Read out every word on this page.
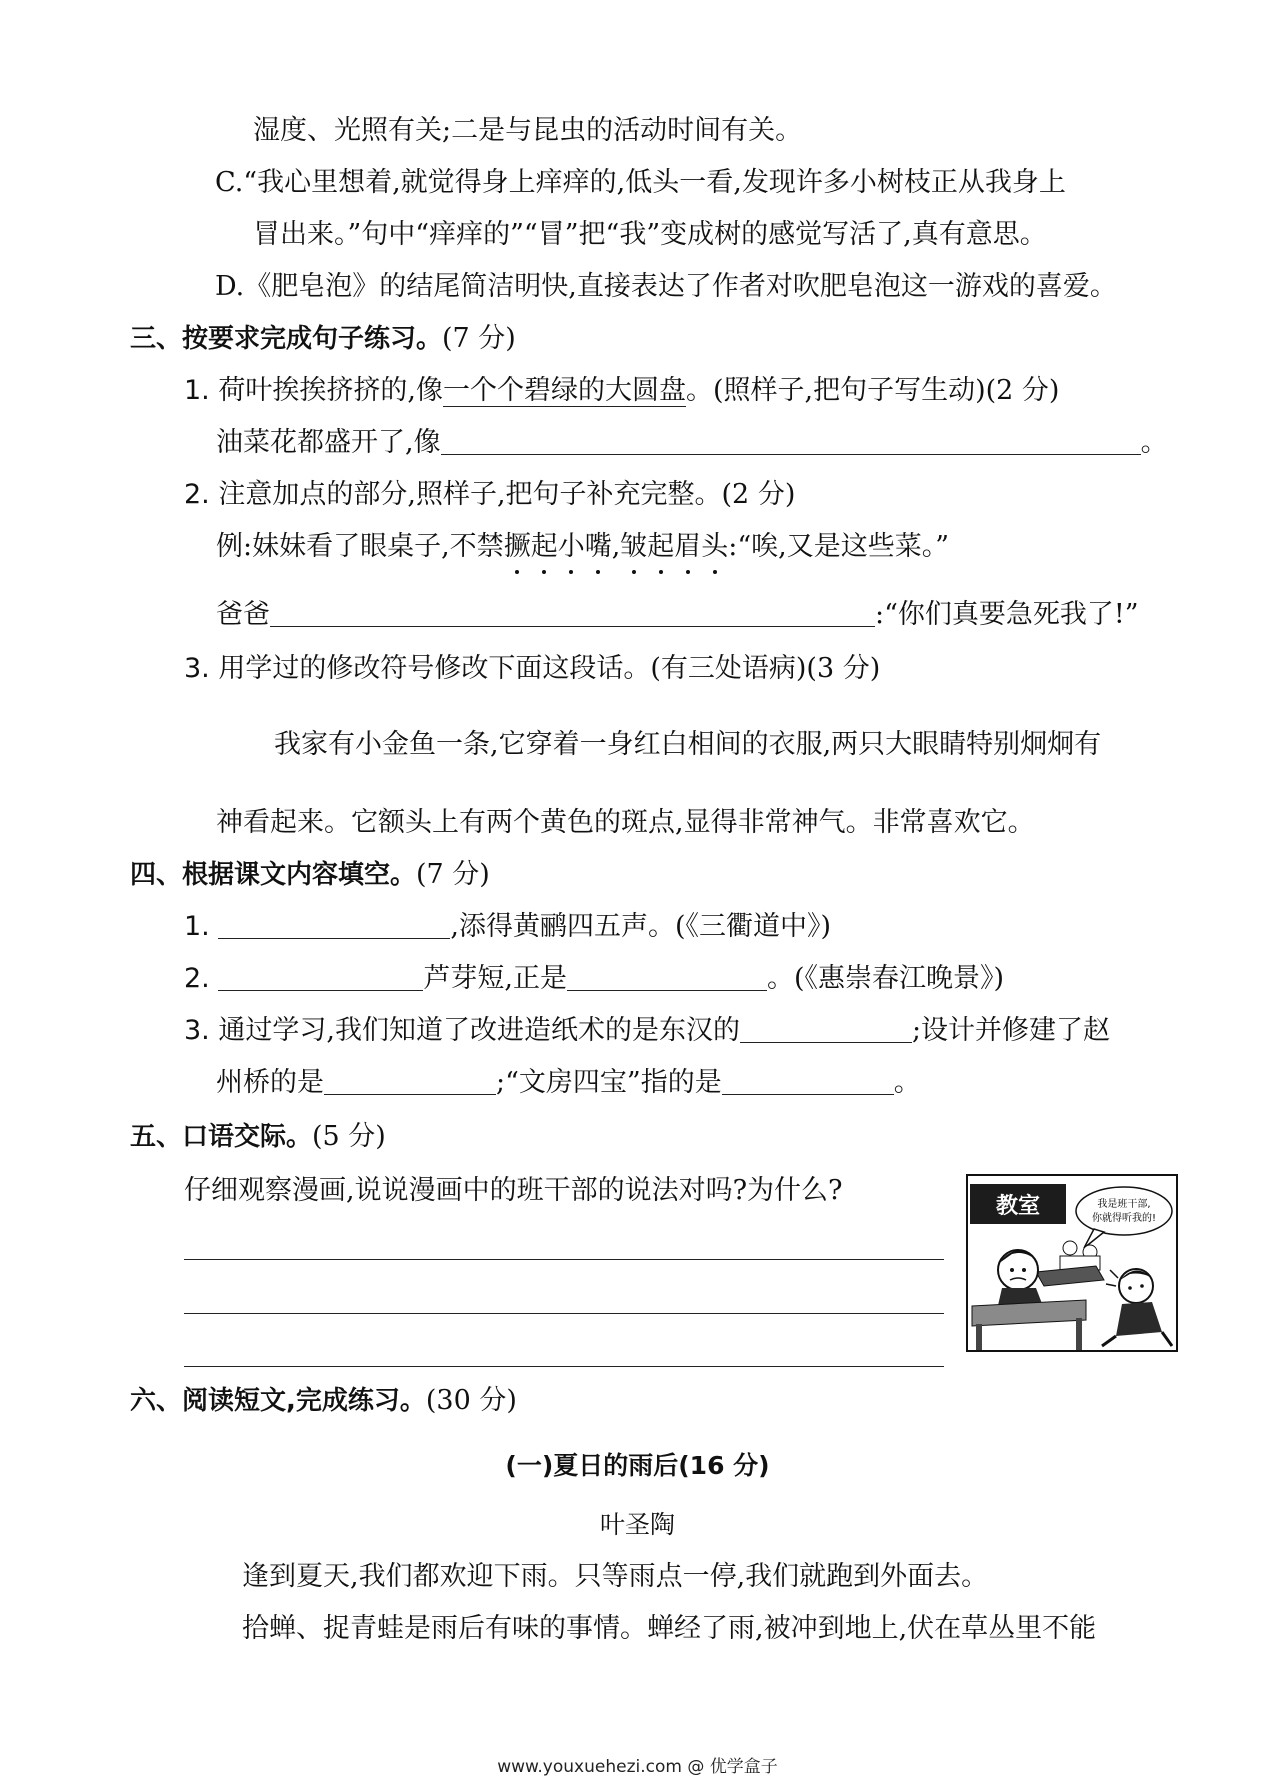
湿度、光照有关;二是与昆虫的活动时间有关。
C.“我心里想着,就觉得身上痒痒的,低头一看,发现许多小树枝正从我身上
冒出来。”句中“痒痒的”“冒”把“我”变成树的感觉写活了,真有意思。
D.《肥皂泡》的结尾简洁明快,直接表达了作者对吹肥皂泡这一游戏的喜爱。
三、按要求完成句子练习。(7 分)
1. 荷叶挨挨挤挤的,像一个个碧绿的大圆盘。(照样子,把句子写生动)(2 分)
油菜花都盛开了,像	。
2. 注意加点的部分,照样子,把句子补充完整。(2 分)
例:妹妹看了眼桌子,不禁撅起小嘴,皱起眉头:“唉,又是这些菜。”
爸爸	:“你们真要急死我了!”
3. 用学过的修改符号修改下面这段话。(有三处语病)(3 分)
我家有小金鱼一条,它穿着一身红白相间的衣服,两只大眼睛特别炯炯有
神看起来。它额头上有两个黄色的斑点,显得非常神气。非常喜欢它。
四、根据课文内容填空。(7 分)
1.	,添得黄鹂四五声。(《三衢道中》)
2.	芦芽短,正是	。(《惠崇春江晚景》)
3. 通过学习,我们知道了改进造纸术的是东汉的	;设计并修建了赵
州桥的是	;“文房四宝”指的是	。
五、口语交际。(5 分)
仔细观察漫画,说说漫画中的班干部的说法对吗?为什么?
教室	我是班干部,
你就得听我的!
六、阅读短文,完成练习。(30 分)
(一)夏日的雨后(16 分)
叶圣陶
逢到夏天,我们都欢迎下雨。只等雨点一停,我们就跑到外面去。
拾蝉、捉青蛙是雨后有味的事情。蝉经了雨,被冲到地上,伏在草丛里不能
www.youxuehezi.com @ 优学盒子
